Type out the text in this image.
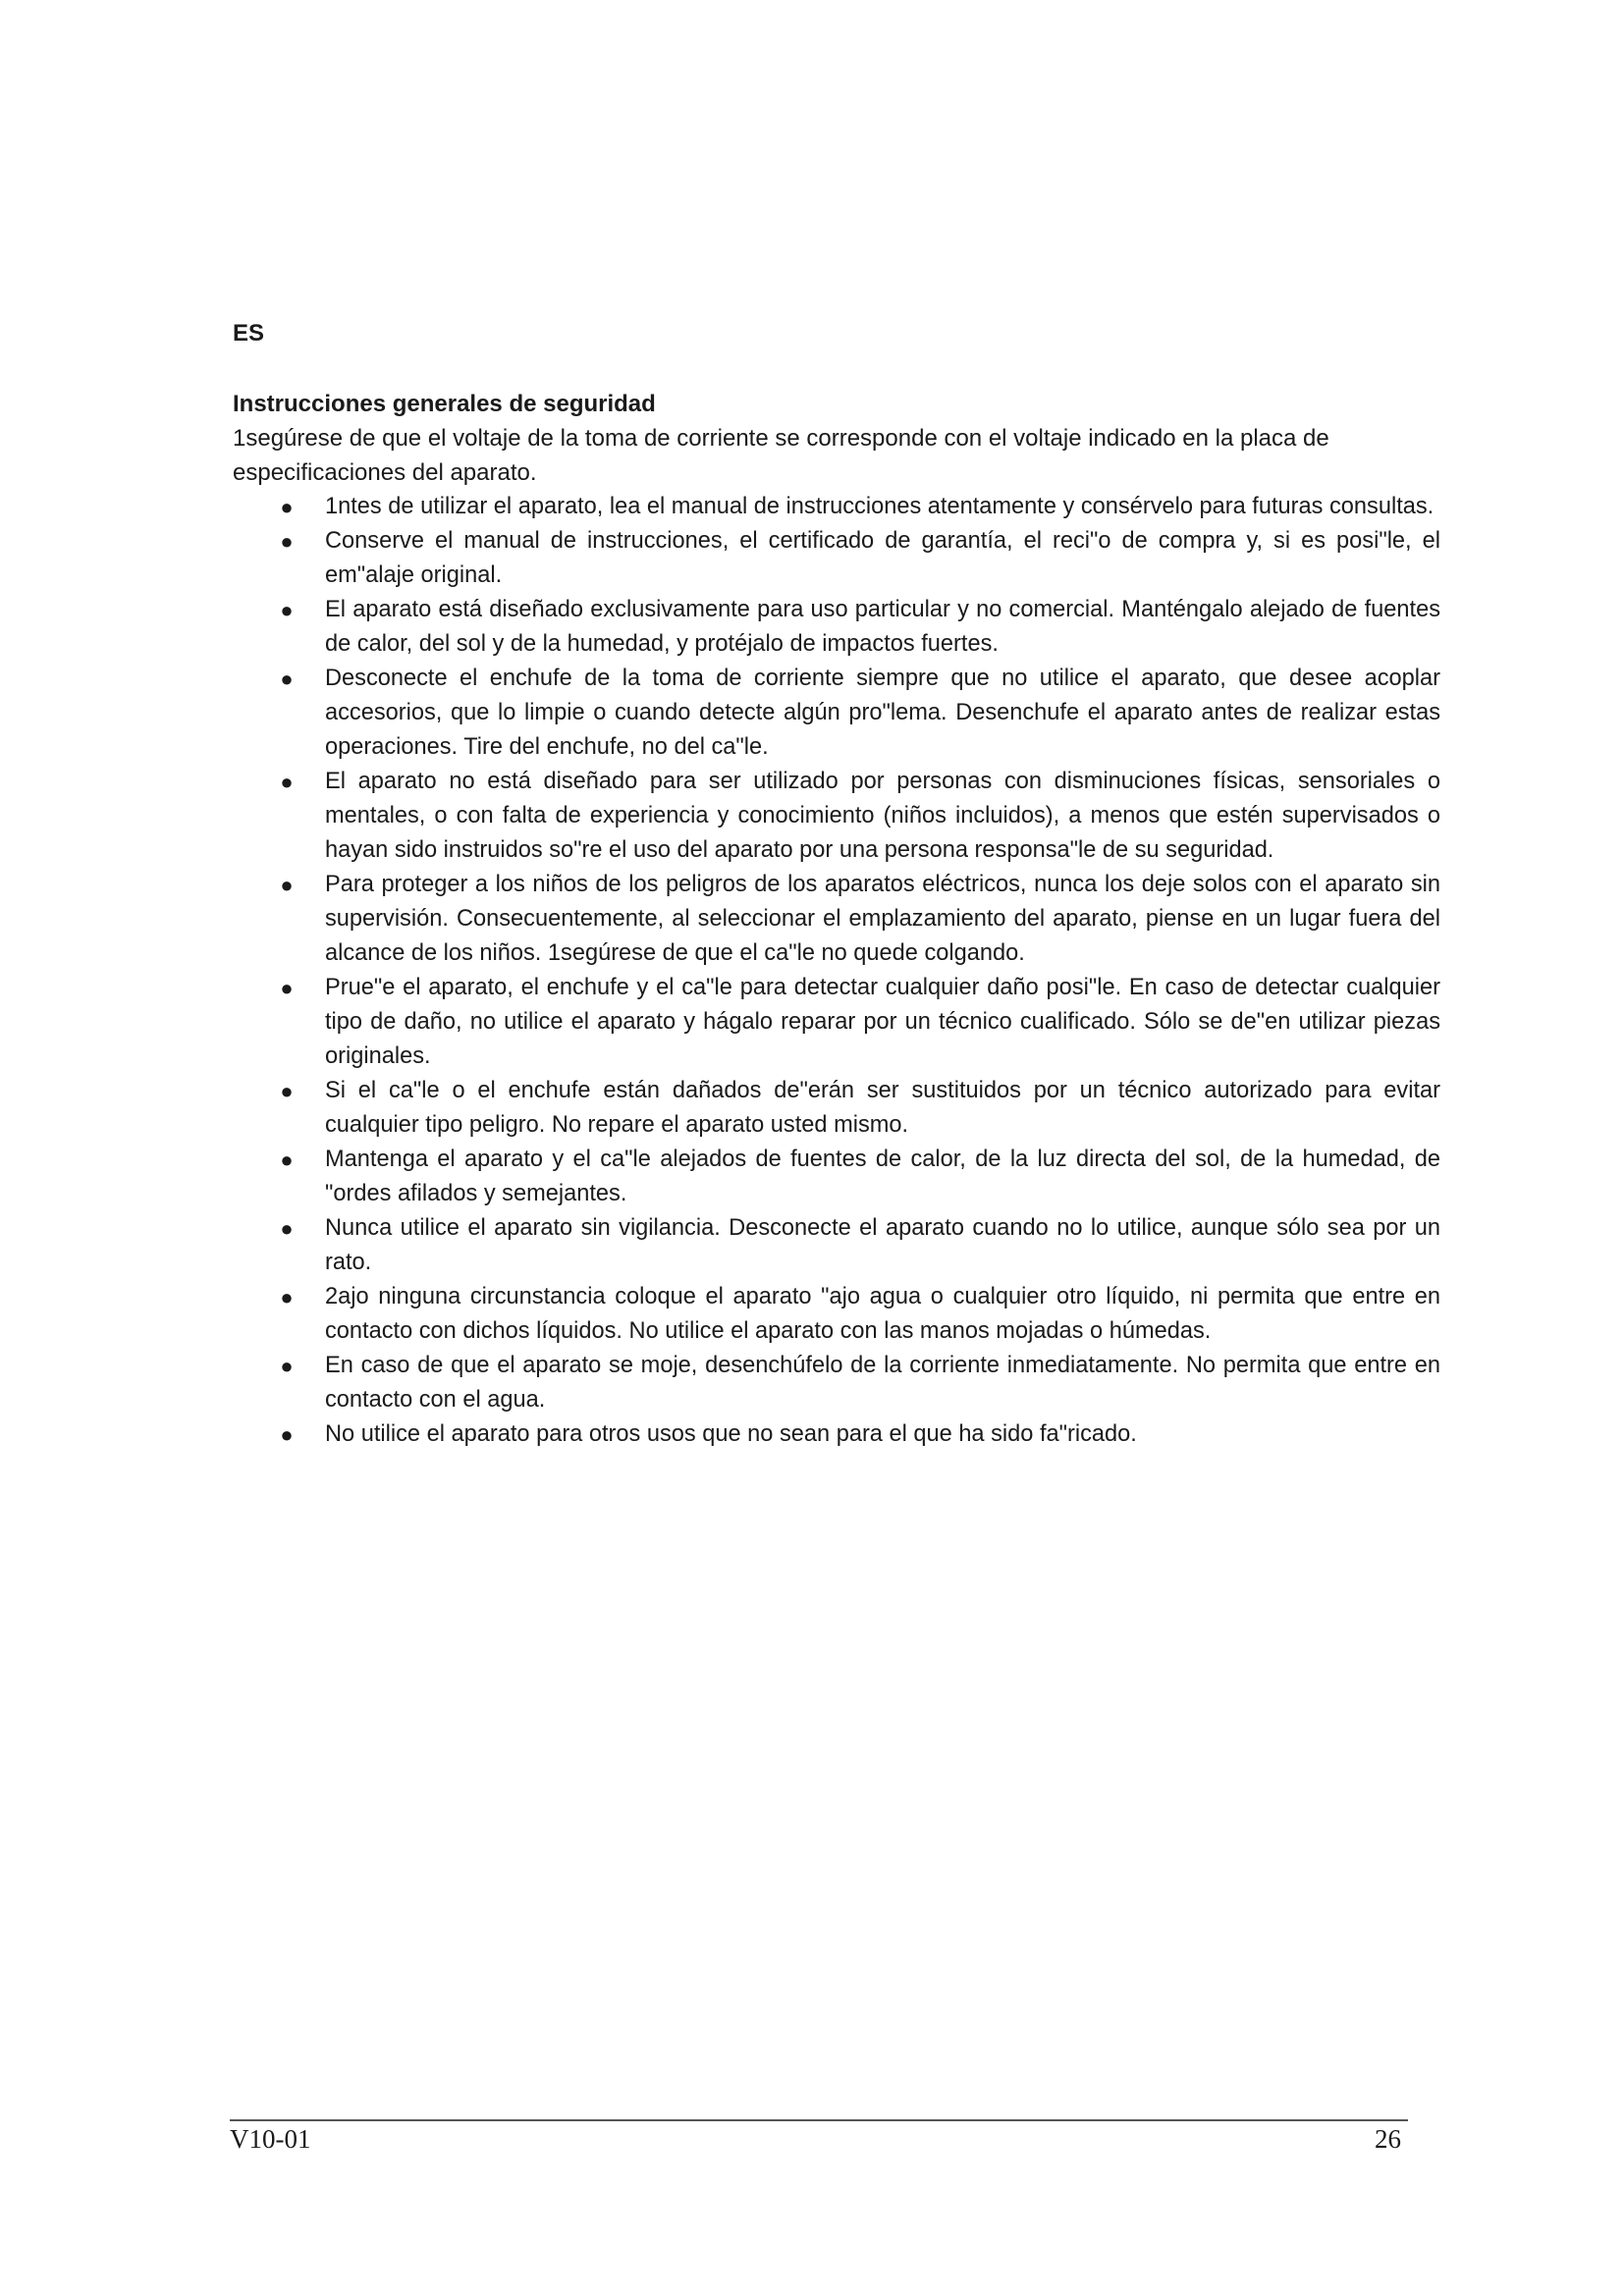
ES

Instrucciones generales de seguridad

1segúrese de que el voltaje de la toma de corriente se corresponde con el voltaje indicado en la placa de especificaciones del aparato.

● 1ntes de utilizar el aparato, lea el manual de instrucciones atentamente y consérvelo para futuras consultas.
● Conserve el manual de instrucciones, el certificado de garantía, el reci"o de compra y, si es posi"le, el em"alaje original.
● El aparato está diseñado exclusivamente para uso particular y no comercial. Manténgalo alejado de fuentes de calor, del sol y de la humedad, y protéjalo de impactos fuertes.
● Desconecte el enchufe de la toma de corriente siempre que no utilice el aparato, que desee acoplar accesorios, que lo limpie o cuando detecte algún pro"lema. Desenchufe el aparato antes de realizar estas operaciones. Tire del enchufe, no del ca"le.
● El aparato no está diseñado para ser utilizado por personas con disminuciones físicas, sensoriales o mentales, o con falta de experiencia y conocimiento (niños incluidos), a menos que estén supervisados o hayan sido instruidos so"re el uso del aparato por una persona responsa"le de su seguridad.
● Para proteger a los niños de los peligros de los aparatos eléctricos, nunca los deje solos con el aparato sin supervisión. Consecuentemente, al seleccionar el emplazamiento del aparato, piense en un lugar fuera del alcance de los niños. 1segúrese de que el ca"le no quede colgando.
● Prue"e el aparato, el enchufe y el ca"le para detectar cualquier daño posi"le. En caso de detectar cualquier tipo de daño, no utilice el aparato y hágalo reparar por un técnico cualificado. Sólo se de"en utilizar piezas originales.
● Si el ca"le o el enchufe están dañados de"erán ser sustituidos por un técnico autorizado para evitar cualquier tipo peligro. No repare el aparato usted mismo.
● Mantenga el aparato y el ca"le alejados de fuentes de calor, de la luz directa del sol, de la humedad, de "ordes afilados y semejantes.
● Nunca utilice el aparato sin vigilancia. Desconecte el aparato cuando no lo utilice, aunque sólo sea por un rato.
● 2ajo ninguna circunstancia coloque el aparato "ajo agua o cualquier otro líquido, ni permita que entre en contacto con dichos líquidos. No utilice el aparato con las manos mojadas o húmedas.
● En caso de que el aparato se moje, desenchúfelo de la corriente inmediatamente. No permita que entre en contacto con el agua.
● No utilice el aparato para otros usos que no sean para el que ha sido fa"ricado.

V10-01	26
